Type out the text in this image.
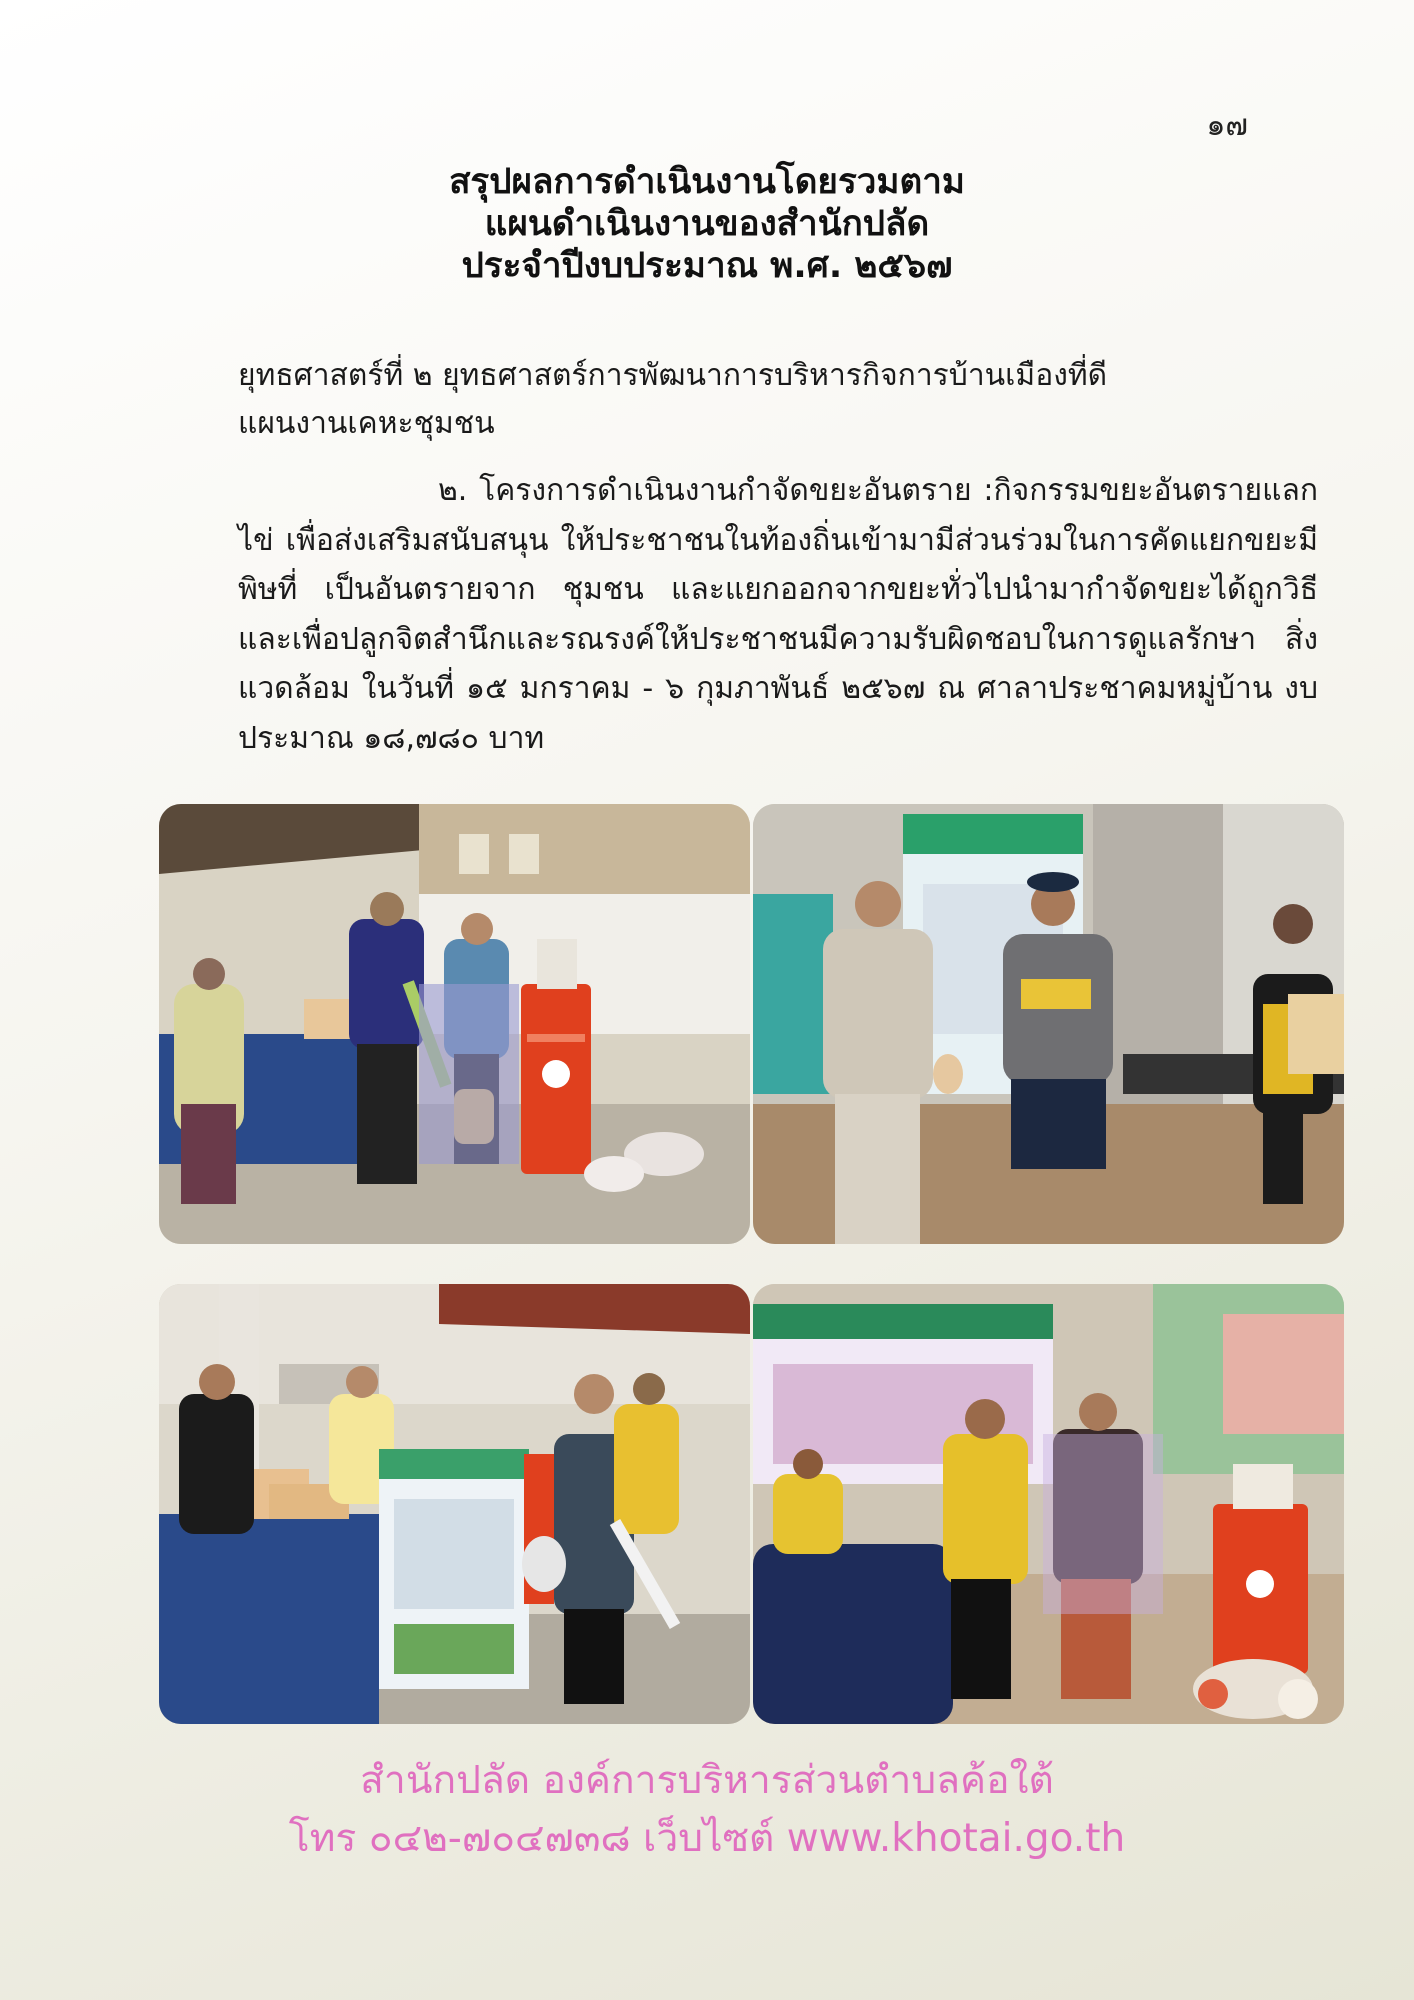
๑๗
สรุปผลการดำเนินงานโดยรวมตาม
แผนดำเนินงานของสำนักปลัด
ประจำปีงบประมาณ พ.ศ. ๒๕๖๗
ยุทธศาสตร์ที่ ๒ ยุทธศาสตร์การพัฒนาการบริหารกิจการบ้านเมืองที่ดี
แผนงานเคหะชุมชน
๒. โครงการดำเนินงานกำจัดขยะอันตราย :กิจกรรมขยะอันตรายแลกไข่ เพื่อส่งเสริมสนับสนุน ให้ประชาชนในท้องถิ่นเข้ามามีส่วนร่วมในการคัดแยกขยะมีพิษที่ เป็นอันตรายจาก ชุมชน และแยกออกจากขยะทั่วไปนำมากำจัดขยะได้ถูกวิธีและเพื่อปลูกจิตสำนึกและรณรงค์ให้ประชาชนมีความรับผิดชอบในการดูแลรักษา สิ่งแวดล้อม ในวันที่ ๑๕ มกราคม - ๖ กุมภาพันธ์ ๒๕๖๗ ณ ศาลาประชาคมหมู่บ้าน งบประมาณ ๑๘,๗๘๐ บาท
สำนักปลัด องค์การบริหารส่วนตำบลค้อใต้
โทร ๐๔๒-๗๐๔๗๓๘ เว็บไซต์ www.khotai.go.th
